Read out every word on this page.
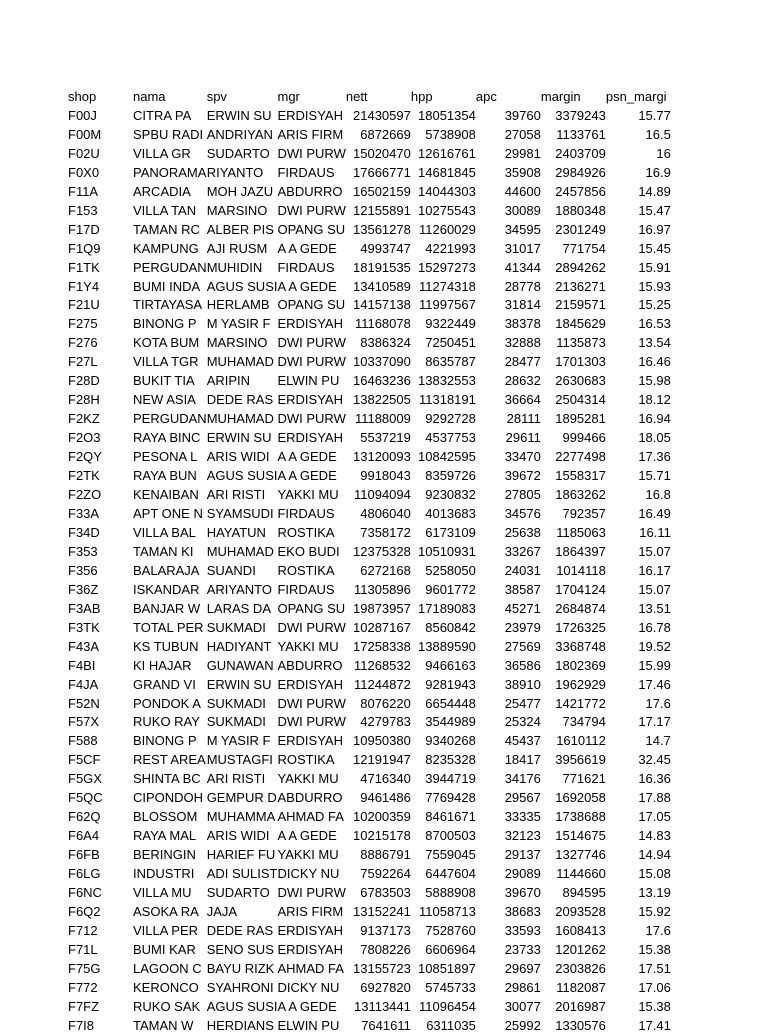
shop	nama	spv	mgr	nett	hpp	apc	margin	psn_margi
F00J	CITRA PA	ERWIN SU	ERDISYAH	21430597	18051354	39760	3379243	15.77
F00M	SPBU RADI	ANDRIYAN	ARIS FIRM	6872669	5738908	27058	1133761	16.5
F02U	VILLA GR	SUDARTO	DWI PURW	15020470	12616761	29981	2403709	16
F0X0	PANORAMA	RIYANTO	FIRDAUS	17666771	14681845	35908	2984926	16.9
F11A	ARCADIA	MOH JAZU	ABDURRO	16502159	14044303	44600	2457856	14.89
F153	VILLA TAN	MARSINO	DWI PURW	12155891	10275543	30089	1880348	15.47
F17D	TAMAN RC	ALBER PIS	OPANG SU	13561278	11260029	34595	2301249	16.97
F1Q9	KAMPUNG	AJI RUSM	A A GEDE	4993747	4221993	31017	771754	15.45
F1TK	PERGUDAN	MUHIDIN	FIRDAUS	18191535	15297273	41344	2894262	15.91
F1Y4	BUMI INDA	AGUS SUSI	A A GEDE	13410589	11274318	28778	2136271	15.93
F21U	TIRTAYASA	HERLAMB	OPANG SU	14157138	11997567	31814	2159571	15.25
F275	BINONG P	M YASIR F	ERDISYAH	11168078	9322449	38378	1845629	16.53
F276	KOTA BUM	MARSINO	DWI PURW	8386324	7250451	32888	1135873	13.54
F27L	VILLA TGR	MUHAMAD	DWI PURW	10337090	8635787	28477	1701303	16.46
F28D	BUKIT TIA	ARIPIN	ELWIN PU	16463236	13832553	28632	2630683	15.98
F28H	NEW ASIA	DEDE RAS	ERDISYAH	13822505	11318191	36664	2504314	18.12
F2KZ	PERGUDAN	MUHAMAD	DWI PURW	11188009	9292728	28111	1895281	16.94
F2O3	RAYA BINC	ERWIN SU	ERDISYAH	5537219	4537753	29611	999466	18.05
F2QY	PESONA L	ARIS WIDI	A A GEDE	13120093	10842595	33470	2277498	17.36
F2TK	RAYA BUN	AGUS SUSI	A A GEDE	9918043	8359726	39672	1558317	15.71
F2ZO	KENAIBAN	ARI RISTI	YAKKI MU	11094094	9230832	27805	1863262	16.8
F33A	APT ONE N	SYAMSUDI	FIRDAUS	4806040	4013683	34576	792357	16.49
F34D	VILLA BAL	HAYATUN	ROSTIKA	7358172	6173109	25638	1185063	16.11
F353	TAMAN KI	MUHAMAD	EKO BUDI	12375328	10510931	33267	1864397	15.07
F356	BALARAJA	SUANDI	ROSTIKA	6272168	5258050	24031	1014118	16.17
F36Z	ISKANDAR	ARIYANTO	FIRDAUS	11305896	9601772	38587	1704124	15.07
F3AB	BANJAR W	LARAS DA	OPANG SU	19873957	17189083	45271	2684874	13.51
F3TK	TOTAL PER	SUKMADI	DWI PURW	10287167	8560842	23979	1726325	16.78
F43A	KS TUBUN	HADIYANT	YAKKI MU	17258338	13889590	27569	3368748	19.52
F4BI	KI HAJAR	GUNAWAN	ABDURRO	11268532	9466163	36586	1802369	15.99
F4JA	GRAND VI	ERWIN SU	ERDISYAH	11244872	9281943	38910	1962929	17.46
F52N	PONDOK A	SUKMADI	DWI PURW	8076220	6654448	25477	1421772	17.6
F57X	RUKO RAY	SUKMADI	DWI PURW	4279783	3544989	25324	734794	17.17
F588	BINONG P	M YASIR F	ERDISYAH	10950380	9340268	45437	1610112	14.7
F5CF	REST AREA	MUSTAGFI	ROSTIKA	12191947	8235328	18417	3956619	32.45
F5GX	SHINTA BC	ARI RISTI	YAKKI MU	4716340	3944719	34176	771621	16.36
F5QC	CIPONDOH	GEMPUR D	ABDURRO	9461486	7769428	29567	1692058	17.88
F62Q	BLOSSOM	MUHAMMA	AHMAD FA	10200359	8461671	33335	1738688	17.05
F6A4	RAYA MAL	ARIS WIDI	A A GEDE	10215178	8700503	32123	1514675	14.83
F6FB	BERINGIN	HARIEF FU	YAKKI MU	8886791	7559045	29137	1327746	14.94
F6LG	INDUSTRI	ADI SULIST	DICKY NU	7592264	6447604	29089	1144660	15.08
F6NC	VILLA MU	SUDARTO	DWI PURW	6783503	5888908	39670	894595	13.19
F6Q2	ASOKA RA	JAJA	ARIS FIRM	13152241	11058713	38683	2093528	15.92
F712	VILLA PER	DEDE RAS	ERDISYAH	9137173	7528760	33593	1608413	17.6
F71L	BUMI KAR	SENO SUS	ERDISYAH	7808226	6606964	23733	1201262	15.38
F75G	LAGOON C	BAYU RIZK	AHMAD FA	13155723	10851897	29697	2303826	17.51
F772	KERONCO	SYAHRONI	DICKY NU	6927820	5745733	29861	1182087	17.06
F7FZ	RUKO SAK	AGUS SUSI	A A GEDE	13113441	11096454	30077	2016987	15.38
F7I8	TAMAN W	HERDIANS	ELWIN PU	7641611	6311035	25992	1330576	17.41
